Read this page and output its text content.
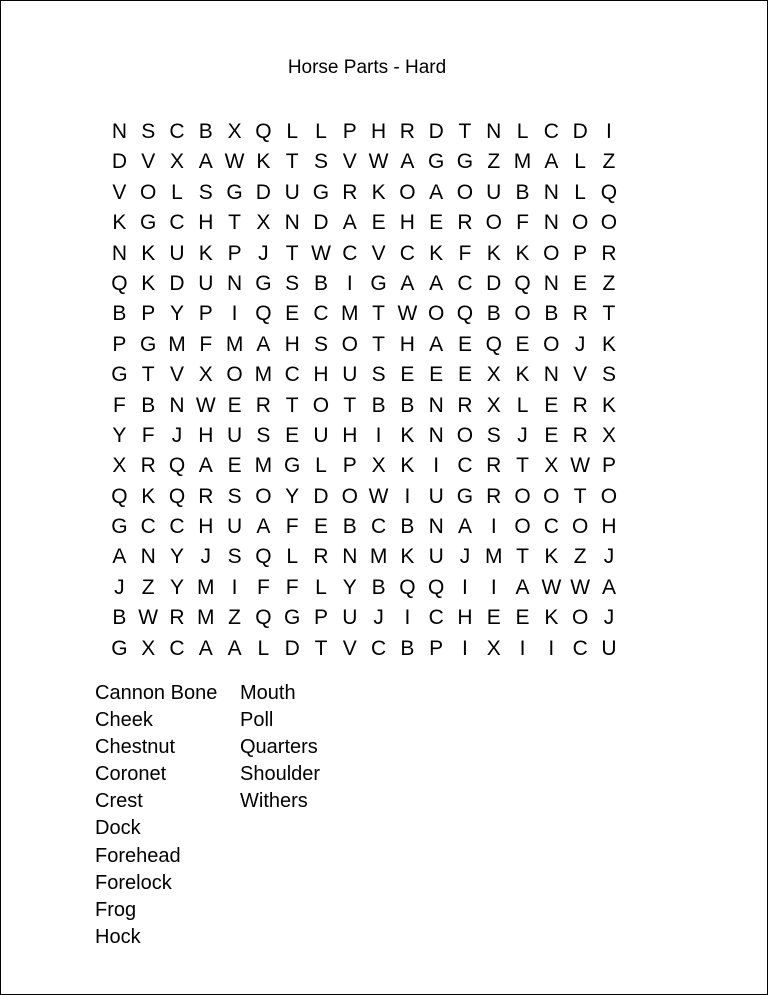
Horse Parts - Hard
N S C B X Q L L P H R D T N L C D I
D V X A W K T S V W A G G Z M A L Z
V O L S G D U G R K O A O U B N L Q
K G C H T X N D A E H E R O F N O O
N K U K P J T W C V C K F K K O P R
Q K D U N G S B I G A A C D Q N E Z
B P Y P I Q E C M T W O Q B O B R T
P G M F M A H S O T H A E Q E O J K
G T V X O M C H U S E E E X K N V S
F B N W E R T O T B B N R X L E R K
Y F J H U S E U H I K N O S J E R X
X R Q A E M G L P X K I C R T X W P
Q K Q R S O Y D O W I U G R O O T O
G C C H U A F E B C B N A I O C O H
A N Y J S Q L R N M K U J M T K Z J
J Z Y M I F F L Y B Q Q I	I A W W A
B W R M Z Q G P U J I C H E E K O J
G X C A A L D T V C B P I X I	I C U
Cannon Bone
Cheek
Chestnut
Coronet
Crest
Dock
Forehead
Forelock
Frog
Hock
Mouth
Poll
Quarters
Shoulder
Withers
